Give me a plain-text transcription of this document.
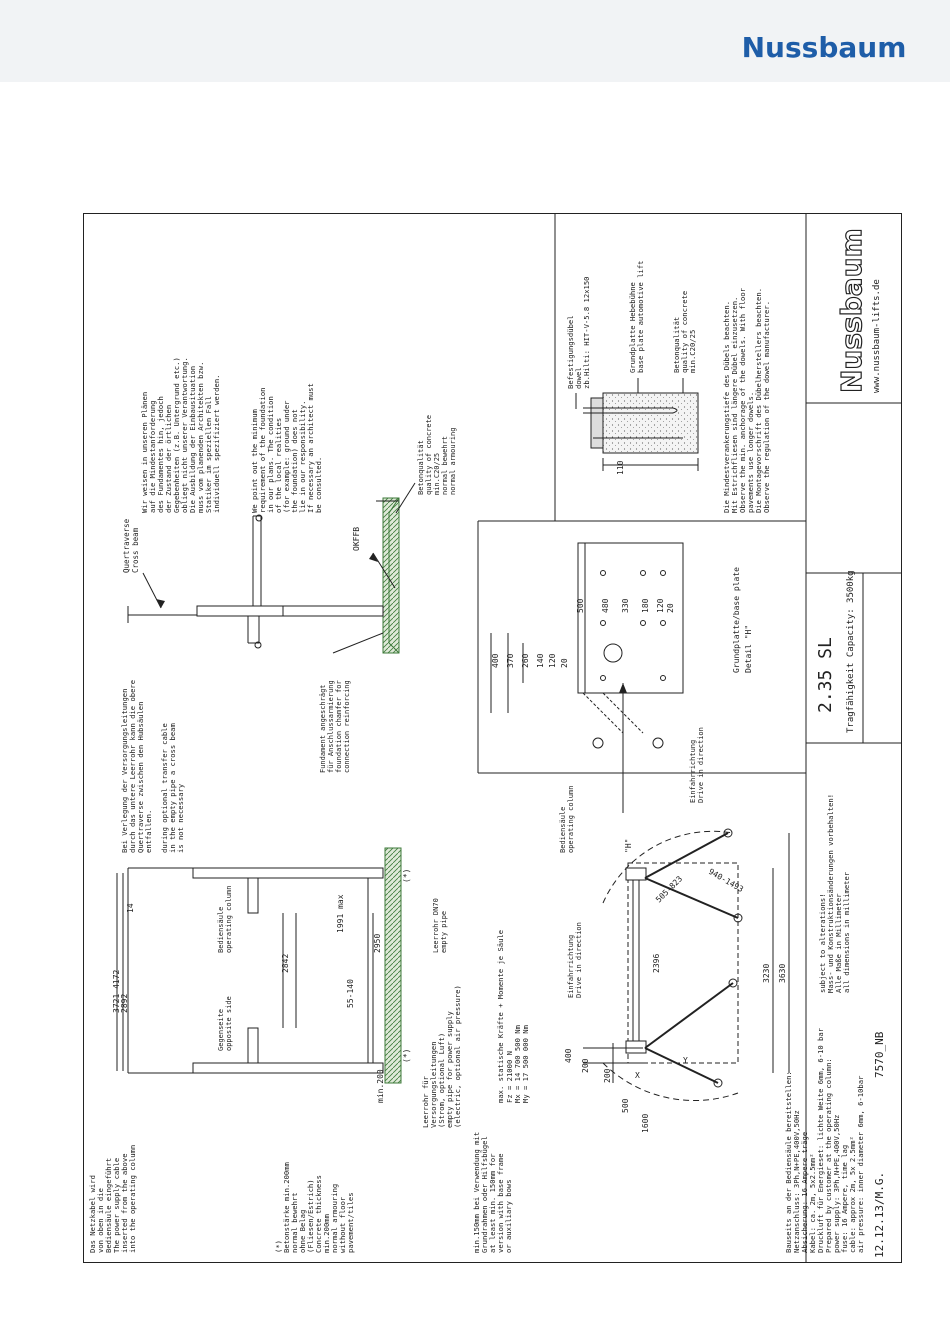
Nussbaum
12.12.13/M.G.
7570_NB
2.35 SL Tragfähigkeit Capacity: 3500kg
Nussbaum www.nussbaum-lifts.de
Quertraverse Cross beam	OKFFB
Betonqualitätquality of concretemin.C20/25normal bewehrtnormal armouring
Fundament angeschrägtfür Anschlussarmierungfoundation chamfer forconnection reinforcing
Wir weisen in unseren Plänen auf die Mindestanforderung des Fundamentes hin, jedoch der Zustand der örtlichen Gegebenheiten (z.B. Untergrund etc.) obliegt nicht unserer Verantwortung. Die Ausbildung der Einbausituation muss vom planenden Architekten bzw. Statiker im speziellen Fall individuell spezifiziert werden.	We point out the minimum requirement of the foundation in our plans. The condition of the local realities (for example: ground under the foundation) does not lie in our responsibility. If necessary an architect must be consulted.	110
Befestigungsdübeldowelzb.Hilti: HIT-V-5.8 12x150	Grundplatte Hebebühnebase plate automotive lift	Betonqualitätquality of concretemin.C20/25	Die Mindestverankerungstiefe des Dübels beachten. Mit Estrichfliesen sind längere Dübel einzusetzen. Observe the min. anchorage of the dowels. With floor pavements use longer dowels. Die Montagevorschrift des Dübelherstellers beachten. Observe the regulation of the dowel manufacturer.
500 480 330 180 120 20
400 370 260 140 120 20	Grundplatte/base plate Detail "H"
EinfahrrichtungDrive in direction
3721-4172 2892
2842
2950
1991 max
55-140
min.200
14
(*)
(*)
Bediensäuleoperating column
Gegenseiteopposite side
Leerrohr DN70empty pipe
Das Netzkabel wird von oben in die Bediensäule eingeführt The power supply cable inserted from the above into the operating column	(*) Betonstärke min.200mm normal bewehrt ohne Belag (Fliesen/Estrich) Concrete thickness min.200mm normal armouring without floor pavement/tiles	min.150mm bei Verwendung mit Grundrahmen oder Hilfsbügel at least min. 150mm for version with base frame or auxiliary bows
Leerrohr für Versorgungsleitungen (Strom, optional Luft) empty pipe for power supply (electric, optional air pressure)
Bei Verlegung der Versorgungsleitungen durch das untere Leerrohr kann die obere Quertraverse zwischen den Hubsäulen entfallen. during optional transfer cable in the empty pipe a cross beam is not necessary
max. statische Kräfte + Momente je Säule Fz = 21000 N Mx = 14 700 500 Nm My = 17 500 000 Nm
1600
500
200
400
200
3230 3630
2396
505-823	940-1493
"H"
X
Y
Bediensäuleoperating column
EinfahrrichtungDrive in direction
Bauseits an der Bediensäule bereitstellen: Netzanschluss: 3Ph,N+PE,400V,50Hz Absicherung: 16 Ampere träge Kabel: ca. 2m, 5x2.5mm² Druckluft für Energieset: lichte Weite 6mm, 6-10 bar Prepared by customer at the operating column: power supply: 3Ph,N+PE,400V,50Hz fuse: 16 Ampere, time lag cable: approx 2m, 5x 2.5mm² air pressure: inner diameter 6mm, 6-10bar
subject to alterations! Mass- und Konstruktionsänderungen vorbehalten! Alle Maße in Millimeter all dimensions in millimeter
